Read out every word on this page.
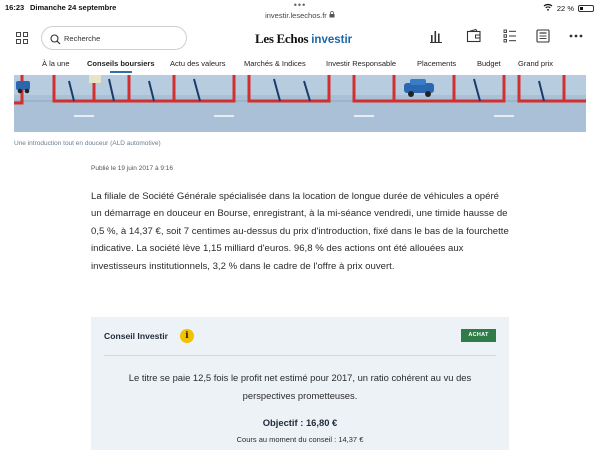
16:23 Dimanche 24 septembre	•••
investir.lesechos.fr
22 %
Recherche
Les Echos investir
À la une Conseils boursiers Actu des valeurs Marchés & Indices	Investir Responsable	Placements	Budget Grand prix
Une introduction tout en douceur (ALD automotive)
Publié le 19 juin 2017 à 9:16

La filiale de Société Générale spécialisée dans la location de longue durée de véhicules a opéré un démarrage en douceur en Bourse, enregistrant, à la mi-séance vendredi, une timide hausse de 0,5 %, à 14,37 €, soit 7 centimes au-dessus du prix d'introduction, fixé dans le bas de la fourchette indicative. La société lève 1,15 milliard d'euros. 96,8 % des actions ont été allouées aux investisseurs institutionnels, 3,2 % dans le cadre de l'offre à prix ouvert.

Conseil Investir	i	ACHAT
Le titre se paie 12,5 fois le profit net estimé pour 2017, un ratio cohérent au vu des perspectives prometteuses.
Objectif : 16,80 €
Cours au moment du conseil : 14,37 €
